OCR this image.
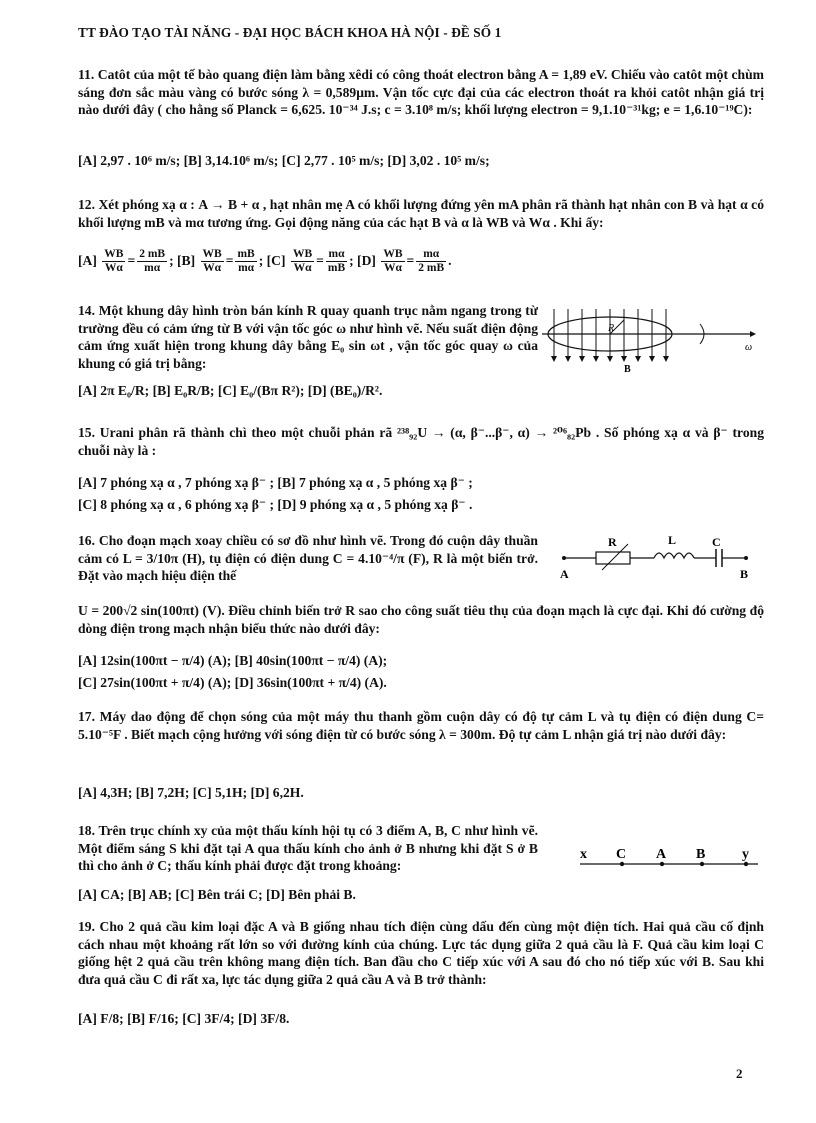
TT ĐÀO TẠO TÀI NĂNG - ĐẠI HỌC BÁCH KHOA HÀ NỘI - ĐỀ SỐ 1
11. Catôt của một tế bào quang điện làm bằng xêdi có công thoát electron bằng A = 1,89 eV. Chiếu vào catôt một chùm sáng đơn sắc màu vàng có bước sóng λ = 0,589μm. Vận tốc cực đại của các electron thoát ra khỏi catôt nhận giá trị nào dưới đây ( cho hằng số Planck = 6,625. 10⁻³⁴ J.s; c = 3.10⁸ m/s; khối lượng electron = 9,1.10⁻³¹kg; e = 1,6.10⁻¹⁹C):
[A] 2,97 . 10⁶ m/s; [B] 3,14.10⁶ m/s; [C] 2,77 . 10⁵ m/s; [D] 3,02 . 10⁵ m/s;
12. Xét phóng xạ α : A → B + α , hạt nhân mẹ A có khối lượng đứng yên mA phân rã thành hạt nhân con B và hạt α có khối lượng mB và mα tương ứng. Gọi động năng của các hạt B và α là WB và Wα . Khi ấy:
$[A] \frac{WB}{W\alpha} = \frac{2 mB}{m\alpha}$ ; $[B] \frac{WB}{W\alpha} = \frac{mB}{m\alpha}$ ; $[C] \frac{WB}{W\alpha} = \frac{m\alpha}{mB}$ ; $[D] \frac{WB}{W\alpha} = \frac{m\alpha}{2 mB}$ .
14. Một khung dây hình tròn bán kính R quay quanh trục nằm ngang trong từ trường đều có cảm ứng từ B với vận tốc góc ω như hình vẽ. Nếu suất điện động cảm ứng xuất hiện trong khung dây bằng E₀ sin ωt , vận tốc góc quay ω của khung có giá trị bằng:
[A] 2π E₀/R; [B] E₀R/B; [C] E₀/(Bπ R²); [D] (BE₀)/R².
R
B
ω
15. Urani phân rã thành chì theo một chuỗi phản rã ²³⁸₉₂U → (α, β⁻...β⁻, α) → ²⁰⁶₈₂Pb . Số phóng xạ α và β⁻ trong chuỗi này là :
[A] 7 phóng xạ α , 7 phóng xạ β⁻ ; [B] 7 phóng xạ α , 5 phóng xạ β⁻ ;
[C] 8 phóng xạ α , 6 phóng xạ β⁻ ; [D] 9 phóng xạ α , 5 phóng xạ β⁻ .
16. Cho đoạn mạch xoay chiều có sơ đồ như hình vẽ. Trong đó cuộn dây thuần cảm có L = 3/10π (H), tụ điện có điện dung C = 4.10⁻⁴/π (F), R là một biến trở. Đặt vào mạch hiệu điện thế
U = 200√2 sin(100πt) (V). Điều chỉnh biến trở R sao cho công suất tiêu thụ của đoạn mạch là cực đại. Khi đó cường độ dòng điện trong mạch nhận biểu thức nào dưới đây:
[A] 12sin(100πt − π/4) (A); [B] 40sin(100πt − π/4) (A);
[C] 27sin(100πt + π/4) (A); [D] 36sin(100πt + π/4) (A).
R	L	C
A	B
17. Máy dao động để chọn sóng của một máy thu thanh gồm cuộn dây có độ tự cảm L và tụ điện có điện dung C= 5.10⁻⁵F . Biết mạch cộng hưởng với sóng điện từ có bước sóng λ = 300m. Độ tự cảm L nhận giá trị nào dưới đây:
[A] 4,3H; [B] 7,2H; [C] 5,1H; [D] 6,2H.
18. Trên trục chính xy của một thấu kính hội tụ có 3 điểm A, B, C như hình vẽ. Một điểm sáng S khi đặt tại A qua thấu kính cho ảnh ở B nhưng khi đặt S ở B thì cho ảnh ở C; thấu kính phải được đặt trong khoảng:
[A] CA; [B] AB; [C] Bên trái C; [D] Bên phải B.
x C A B	y
19. Cho 2 quả cầu kim loại đặc A và B giống nhau tích điện cùng dấu đến cùng một điện tích. Hai quả cầu cố định cách nhau một khoảng rất lớn so với đường kính của chúng. Lực tác dụng giữa 2 quả cầu là F. Quả cầu kim loại C giống hệt 2 quả cầu trên không mang điện tích. Ban đầu cho C tiếp xúc với A sau đó cho nó tiếp xúc với B. Sau khi đưa quả cầu C đi rất xa, lực tác dụng giữa 2 quả cầu A và B trở thành:
[A] F/8; [B] F/16; [C] 3F/4; [D] 3F/8.
2
